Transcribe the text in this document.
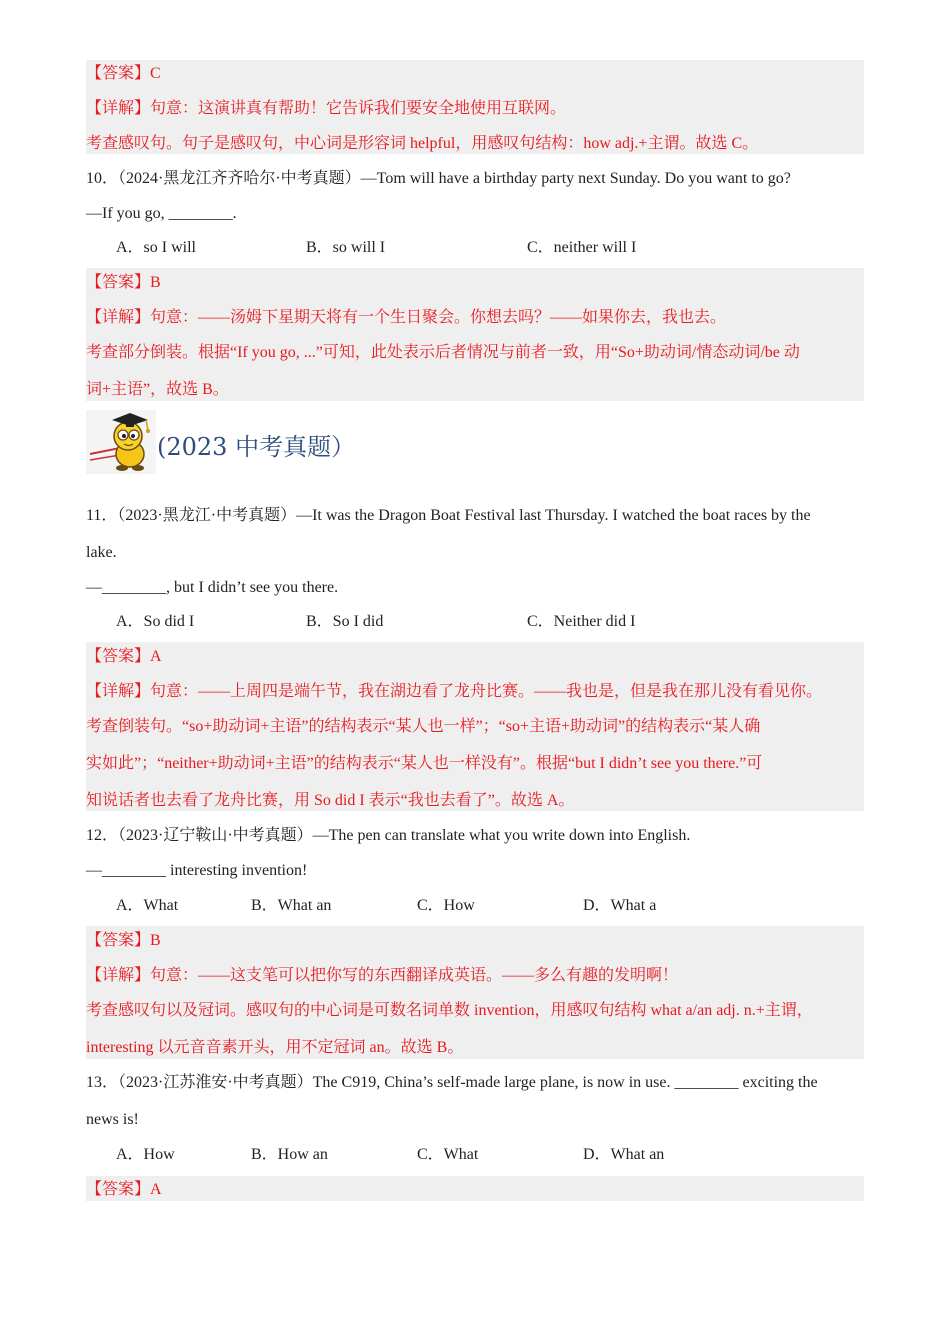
【答案】C
【详解】句意：这演讲真有帮助！它告诉我们要安全地使用互联网。
考查感叹句。句子是感叹句，中心词是形容词 helpful，用感叹句结构：how adj.+主谓。故选 C。
10．（2024·黑龙江齐齐哈尔·中考真题）—Tom will have a birthday party next Sunday. Do you want to go?
—If you go, ________.
A．so I will	B．so will I	C．neither will I
【答案】B
【详解】句意：——汤姆下星期天将有一个生日聚会。你想去吗？——如果你去，我也去。
考查部分倒装。根据“If you go, ...”可知，此处表示后者情况与前者一致，用“So+助动词/情态动词/be 动
词+主语”，故选 B。
(2023 中考真题）
11．（2023·黑龙江·中考真题）—It was the Dragon Boat Festival last Thursday. I watched the boat races by the
lake.
—________, but I didn’t see you there.
A．So did I	B．So I did	C．Neither did I
【答案】A
【详解】句意：——上周四是端午节，我在湖边看了龙舟比赛。——我也是，但是我在那儿没有看见你。
考查倒装句。“so+助动词+主语”的结构表示“某人也一样”；“so+主语+助动词”的结构表示“某人确
实如此”；“neither+助动词+主语”的结构表示“某人也一样没有”。根据“but I didn’t see you there.”可
知说话者也去看了龙舟比赛，用 So did I 表示“我也去看了”。故选 A。
12．（2023·辽宁鞍山·中考真题）—The pen can translate what you write down into English.
—________ interesting invention!
A．What	B．What an	C．How	D．What a
【答案】B
【详解】句意：——这支笔可以把你写的东西翻译成英语。——多么有趣的发明啊！
考查感叹句以及冠词。感叹句的中心词是可数名词单数 invention，用感叹句结构 what a/an adj. n.+主谓，
interesting 以元音音素开头，用不定冠词 an。故选 B。
13．（2023·江苏淮安·中考真题）The C919, China’s self-made large plane, is now in use. ________ exciting the
news is!
A．How	B．How an	C．What	D．What an
【答案】A
